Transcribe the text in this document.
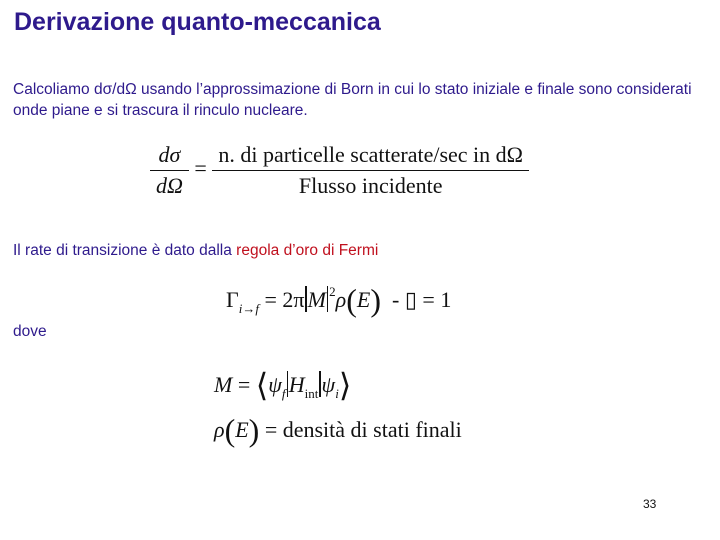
Derivazione quanto-meccanica
Calcoliamo dσ/dΩ usando l’approssimazione di Born in cui lo stato iniziale e finale sono considerati onde piane e si trascura il rinculo nucleare.
$\frac{d\sigma}{d\Omega} = \frac{\text{n. di particelle scatterate/sec in dΩ}}{\text{Flusso incidente}}$
Il rate di transizione è dato dalla regola d’oro di Fermi
$\Gamma_{i\to f} = 2\pi$ M $^2$ρ(E) - ▯ = 1
dove
$M = ⟨\psi_f$ $H_{int}$ $\psi_i⟩$
ρ(E) = densità di stati finali
33
